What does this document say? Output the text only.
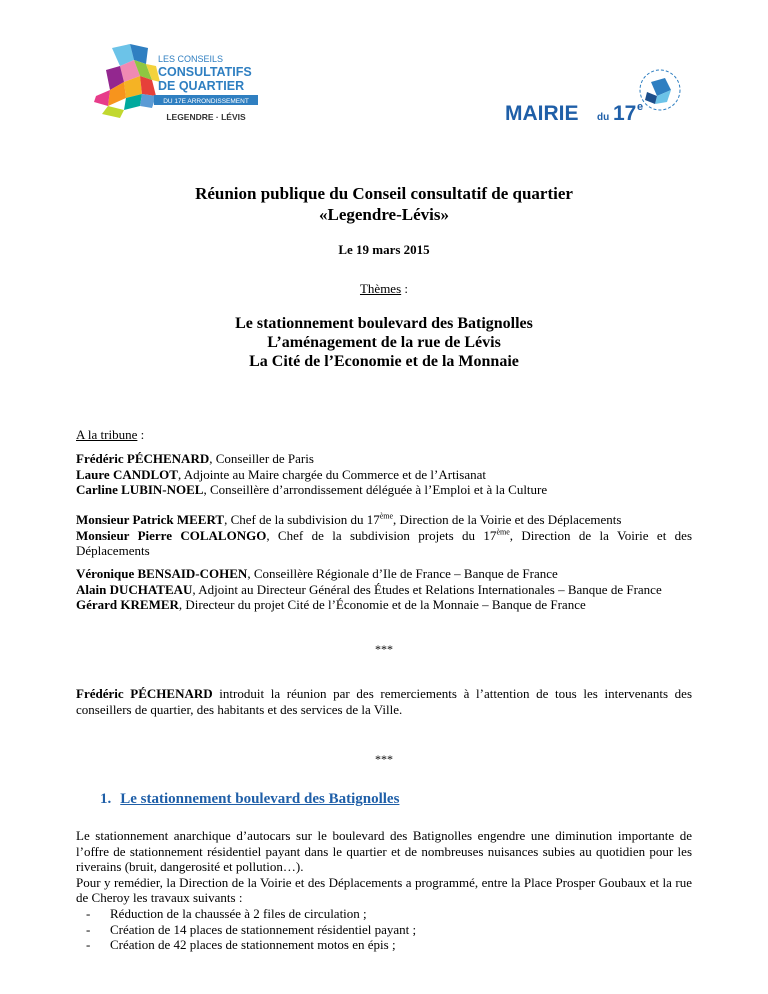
LES CONSEILS
CONSULTATIFS
DE QUARTIER
DU 17E ARRONDISSEMENT
LEGENDRE · LÉVIS	MAIRIE du 17 e
Réunion publique du Conseil consultatif de quartier
«Legendre-Lévis»
Le 19 mars 2015
Thèmes :
Le stationnement boulevard des Batignolles
L’aménagement de la rue de Lévis
La Cité de l’Economie et de la Monnaie
A la tribune :
Frédéric PÉCHENARD, Conseiller de Paris
Laure CANDLOT, Adjointe au Maire chargée du Commerce et de l’Artisanat
Carline LUBIN-NOEL, Conseillère d’arrondissement déléguée à l’Emploi et à la Culture
Monsieur Patrick MEERT, Chef de la subdivision du 17ème, Direction de la Voirie et des Déplacements
Monsieur Pierre COLALONGO, Chef de la subdivision projets du 17ème, Direction de la Voirie et des Déplacements
Véronique BENSAID-COHEN, Conseillère Régionale d’Ile de France – Banque de France
Alain DUCHATEAU, Adjoint au Directeur Général des Études et Relations Internationales – Banque de France
Gérard KREMER, Directeur du projet Cité de l’Économie et de la Monnaie – Banque de France
***
Frédéric PÉCHENARD introduit la réunion par des remerciements à l’attention de tous les intervenants des conseillers de quartier, des habitants et des services de la Ville.
***
1. Le stationnement boulevard des Batignolles
Le stationnement anarchique d’autocars sur le boulevard des Batignolles engendre une diminution importante de l’offre de stationnement résidentiel payant dans le quartier et de nombreuses nuisances subies au quotidien pour les riverains (bruit, dangerosité et pollution…).
Pour y remédier, la Direction de la Voirie et des Déplacements a programmé, entre la Place Prosper Goubaux et la rue de Cheroy les travaux suivants :
- Réduction de la chaussée à 2 files de circulation ;
- Création de 14 places de stationnement résidentiel payant ;
- Création de 42 places de stationnement motos en épis ;
